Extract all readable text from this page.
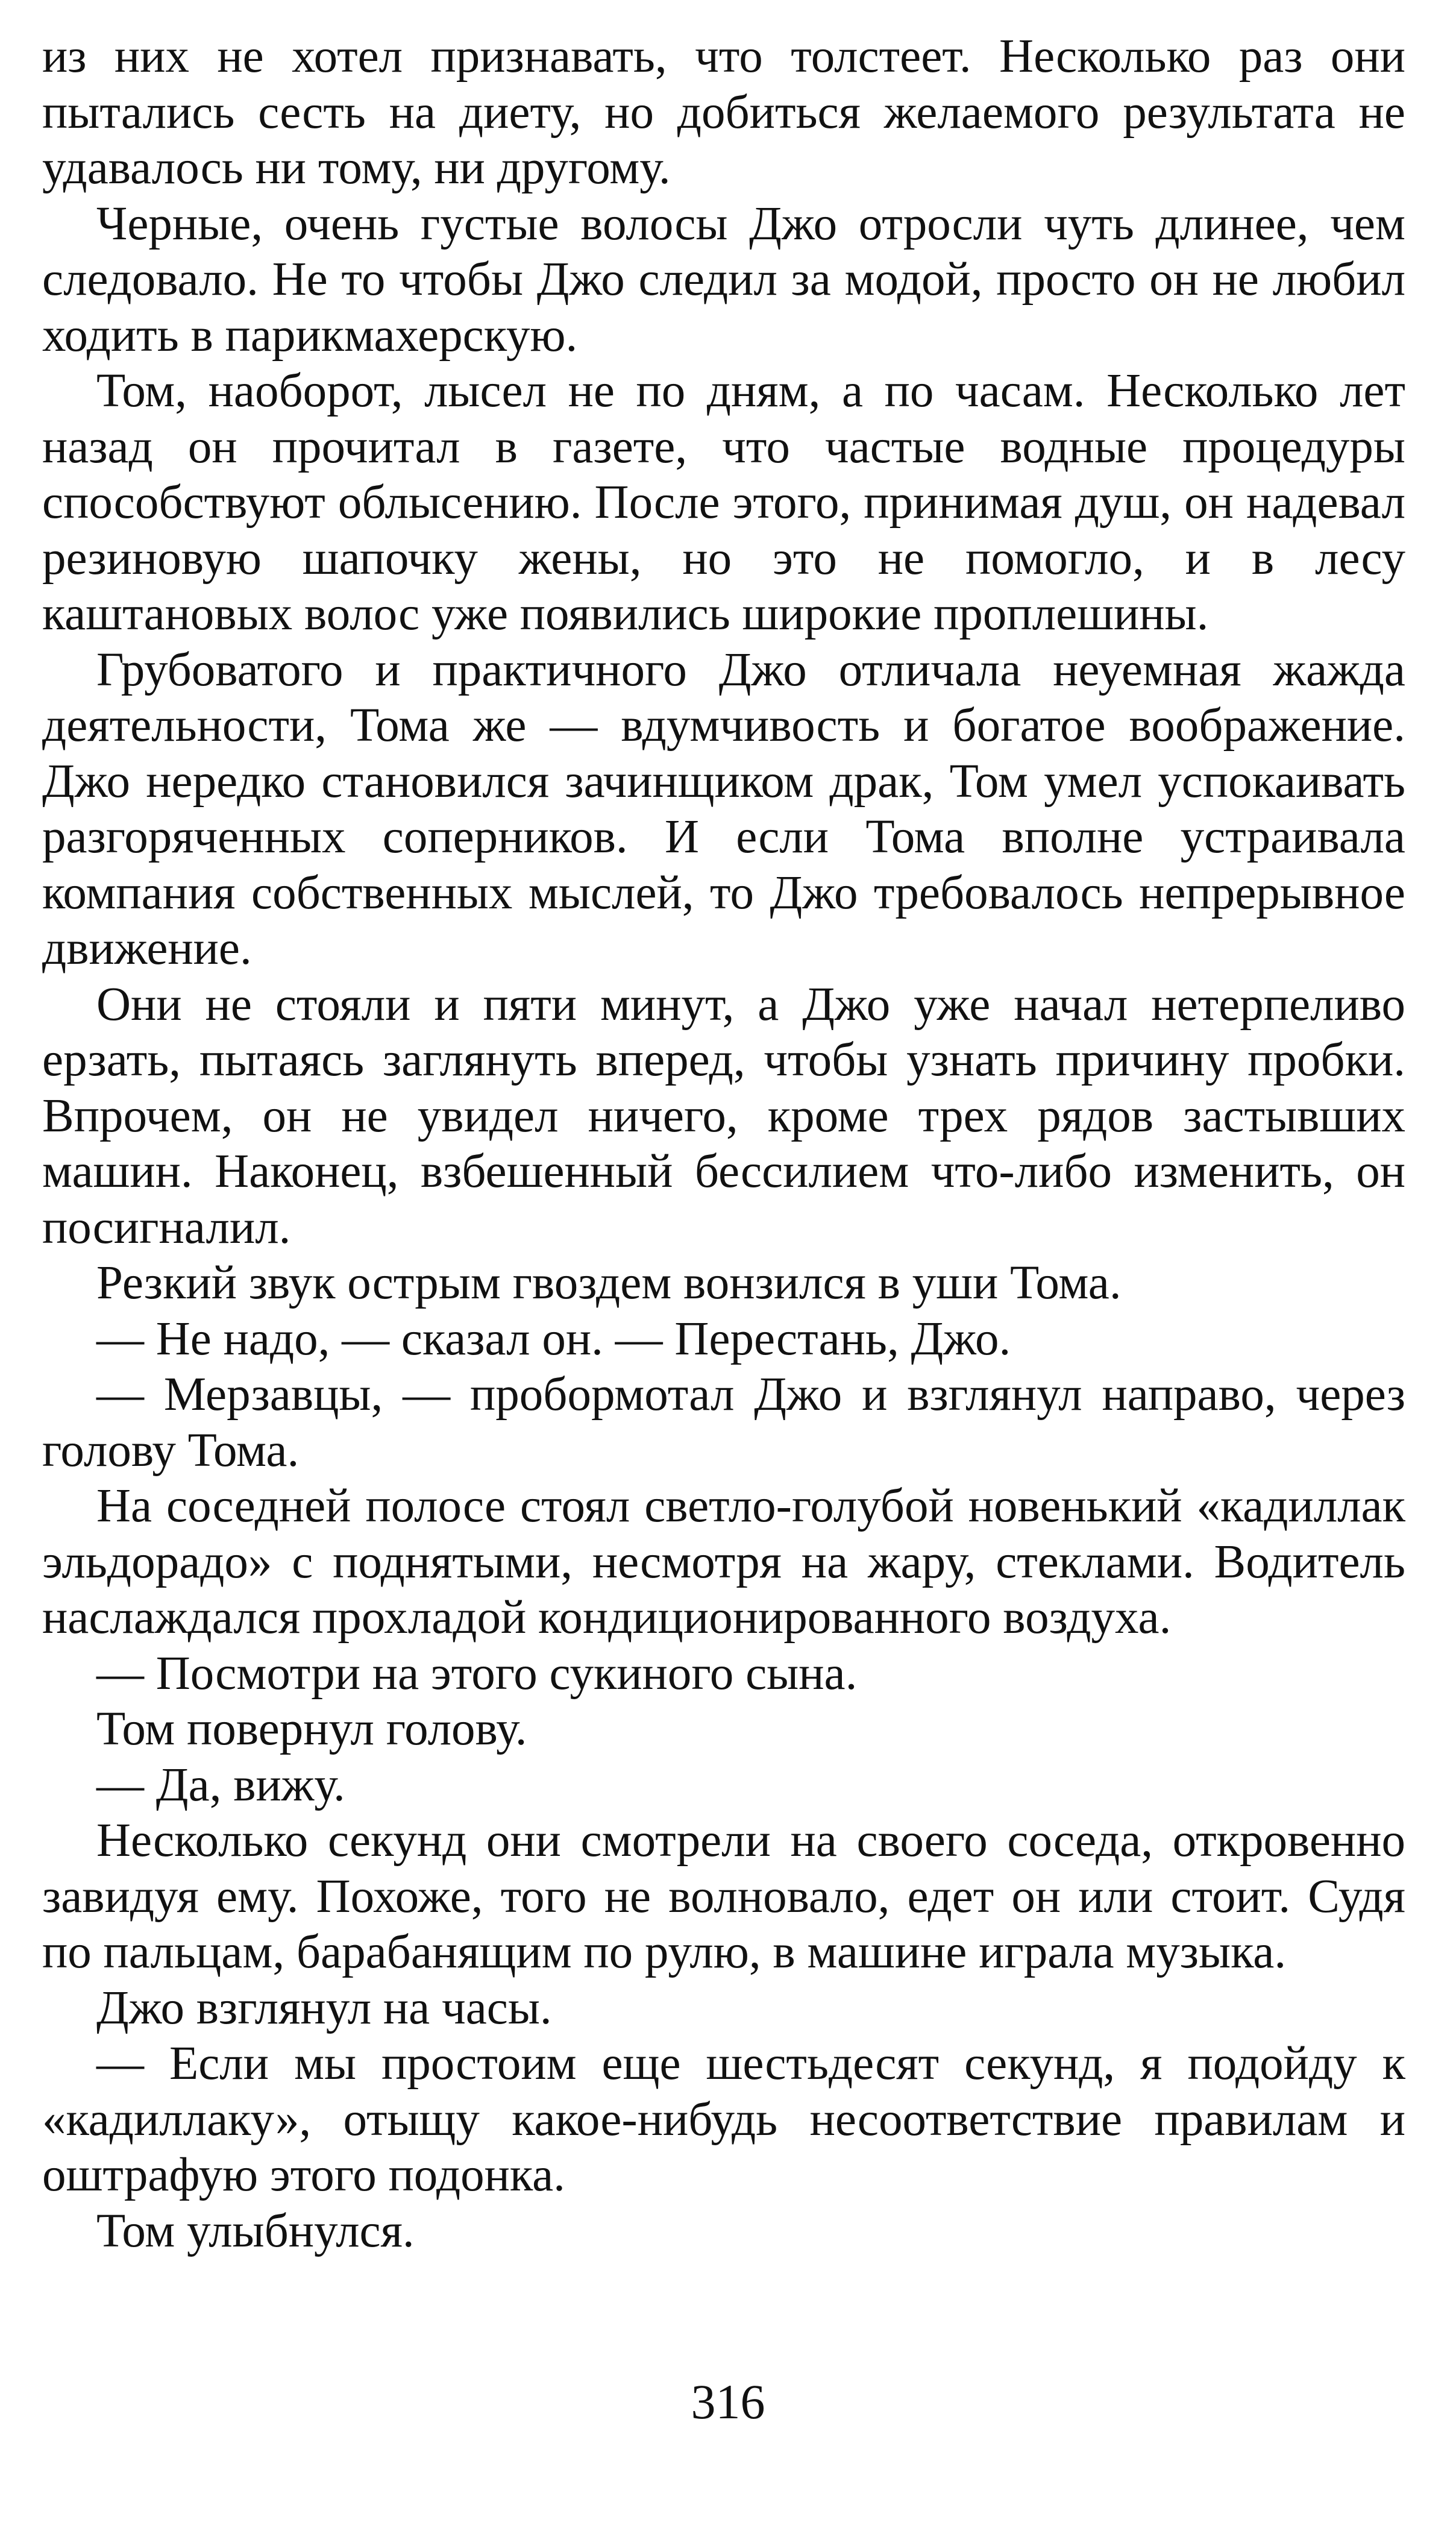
из них не хотел признавать, что толстеет. Несколько раз они пытались сесть на диету, но добиться желаемого результата не удавалось ни тому, ни другому.

Черные, очень густые волосы Джо отросли чуть длинее, чем следовало. Не то чтобы Джо следил за модой, просто он не любил ходить в парикмахерскую.

Том, наоборот, лысел не по дням, а по часам. Несколько лет назад он прочитал в газете, что частые водные процедуры способствуют облысению. После этого, принимая душ, он надевал резиновую шапочку жены, но это не помогло, и в лесу каштановых волос уже появились широкие проплешины.

Грубоватого и практичного Джо отличала неуемная жажда деятельности, Тома же — вдумчивость и богатое воображение. Джо нередко становился зачинщиком драк, Том умел успокаивать разгоряченных соперников. И если Тома вполне устраивала компания собственных мыслей, то Джо требовалось непрерывное движение.

Они не стояли и пяти минут, а Джо уже начал нетерпеливо ерзать, пытаясь заглянуть вперед, чтобы узнать причину пробки. Впрочем, он не увидел ничего, кроме трех рядов застывших машин. Наконец, взбешенный бессилием что-либо изменить, он посигналил.

Резкий звук острым гвоздем вонзился в уши Тома.

— Не надо, — сказал он. — Перестань, Джо.

— Мерзавцы, — пробормотал Джо и взглянул направо, через голову Тома.

На соседней полосе стоял светло-голубой новенький «кадиллак эльдорадо» с поднятыми, несмотря на жару, стеклами. Водитель наслаждался прохладой кондиционированного воздуха.

— Посмотри на этого сукиного сына.

Том повернул голову.

— Да, вижу.

Несколько секунд они смотрели на своего соседа, откровенно завидуя ему. Похоже, того не волновало, едет он или стоит. Судя по пальцам, барабанящим по рулю, в машине играла музыка.

Джо взглянул на часы.

— Если мы простоим еще шестьдесят секунд, я подойду к «кадиллаку», отыщу какое-нибудь несоответствие правилам и оштрафую этого подонка.

Том улыбнулся.

316
